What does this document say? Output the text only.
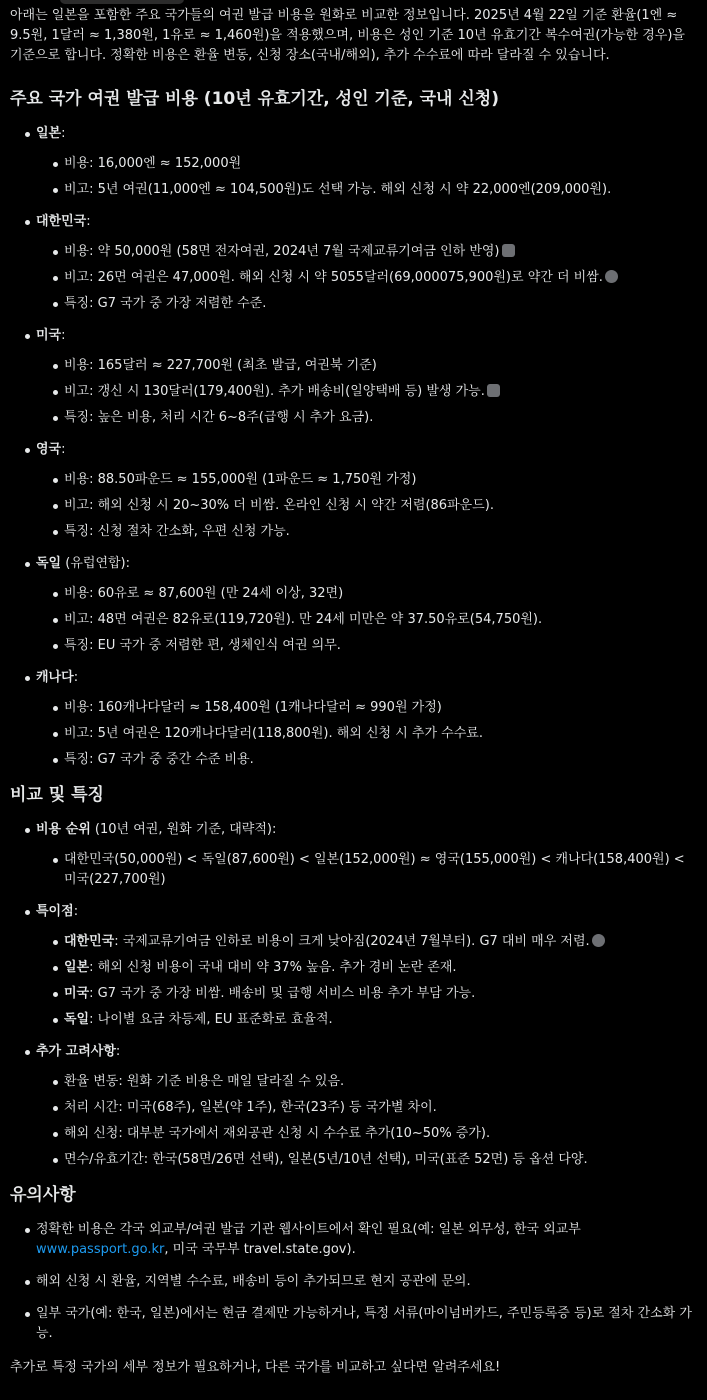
아래는 일본을 포함한 주요 국가들의 여권 발급 비용을 원화로 비교한 정보입니다. 2025년 4월 22일 기준 환율(1엔 ≈ 9.5원, 1달러 ≈ 1,380원, 1유로 ≈ 1,460원)을 적용했으며, 비용은 성인 기준 10년 유효기간 복수여권(가능한 경우)을 기준으로 합니다. 정확한 비용은 환율 변동, 신청 장소(국내/해외), 추가 수수료에 따라 달라질 수 있습니다.

주요 국가 여권 발급 비용 (10년 유효기간, 성인 기준, 국내 신청)
일본:
비용: 16,000엔 ≈ 152,000원
비고: 5년 여권(11,000엔 ≈ 104,500원)도 선택 가능. 해외 신청 시 약 22,000엔(209,000원).
대한민국:
비용: 약 50,000원 (58면 전자여권, 2024년 7월 국제교류기여금 인하 반영)
비고: 26면 여권은 47,000원. 해외 신청 시 약 5055달러(69,000075,900원)로 약간 더 비쌈.
특징: G7 국가 중 가장 저렴한 수준.
미국:
비용: 165달러 ≈ 227,700원 (최초 발급, 여권북 기준)
비고: 갱신 시 130달러(179,400원). 추가 배송비(일양택배 등) 발생 가능.
특징: 높은 비용, 처리 시간 6~8주(급행 시 추가 요금).
영국:
비용: 88.50파운드 ≈ 155,000원 (1파운드 ≈ 1,750원 가정)
비고: 해외 신청 시 20~30% 더 비쌈. 온라인 신청 시 약간 저렴(86파운드).
특징: 신청 절차 간소화, 우편 신청 가능.
독일 (유럽연합):
비용: 60유로 ≈ 87,600원 (만 24세 이상, 32면)
비고: 48면 여권은 82유로(119,720원). 만 24세 미만은 약 37.50유로(54,750원).
특징: EU 국가 중 저렴한 편, 생체인식 여권 의무.
캐나다:
비용: 160캐나다달러 ≈ 158,400원 (1캐나다달러 ≈ 990원 가정)
비고: 5년 여권은 120캐나다달러(118,800원). 해외 신청 시 추가 수수료.
특징: G7 국가 중 중간 수준 비용.
비교 및 특징
비용 순위 (10년 여권, 원화 기준, 대략적):
대한민국(50,000원) < 독일(87,600원) < 일본(152,000원) ≈ 영국(155,000원) < 캐나다(158,400원) < 미국(227,700원)
특이점:
대한민국: 국제교류기여금 인하로 비용이 크게 낮아짐(2024년 7월부터). G7 대비 매우 저렴.
일본: 해외 신청 비용이 국내 대비 약 37% 높음. 추가 경비 논란 존재.
미국: G7 국가 중 가장 비쌈. 배송비 및 급행 서비스 비용 추가 부담 가능.
독일: 나이별 요금 차등제, EU 표준화로 효율적.
추가 고려사항:
환율 변동: 원화 기준 비용은 매일 달라질 수 있음.
처리 시간: 미국(68주), 일본(약 1주), 한국(23주) 등 국가별 차이.
해외 신청: 대부분 국가에서 재외공관 신청 시 수수료 추가(10~50% 증가).
면수/유효기간: 한국(58면/26면 선택), 일본(5년/10년 선택), 미국(표준 52면) 등 옵션 다양.
유의사항
정확한 비용은 각국 외교부/여권 발급 기관 웹사이트에서 확인 필요(예: 일본 외무성, 한국 외교부 www.passport.go.kr, 미국 국무부 travel.state.gov).
해외 신청 시 환율, 지역별 수수료, 배송비 등이 추가되므로 현지 공관에 문의.
일부 국가(예: 한국, 일본)에서는 현금 결제만 가능하거나, 특정 서류(마이넘버카드, 주민등록증 등)로 절차 간소화 가능.

추가로 특정 국가의 세부 정보가 필요하거나, 다른 국가를 비교하고 싶다면 알려주세요!
